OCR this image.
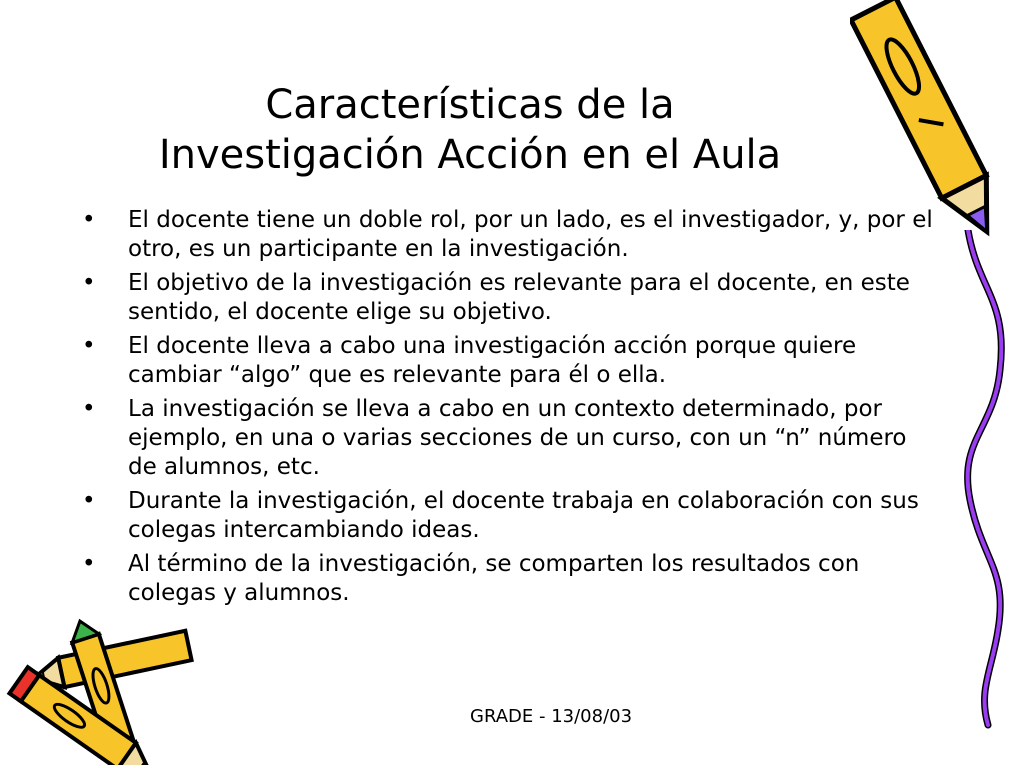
Características de la
Investigación Acción en el Aula
• El docente tiene un doble rol, por un lado, es el investigador, y, por el otro, es un participante en la investigación.
• El objetivo de la investigación es relevante para el docente, en este sentido, el docente elige su objetivo.
• El docente lleva a cabo una investigación acción porque quiere cambiar “algo” que es relevante para él o ella.
• La investigación se lleva a cabo en un contexto determinado, por ejemplo, en una o varias secciones de un curso, con un “n” número de alumnos, etc.
• Durante la investigación, el docente trabaja en colaboración con sus colegas intercambiando ideas.
• Al término de la investigación, se comparten los resultados con colegas y alumnos.
GRADE - 13/08/03
